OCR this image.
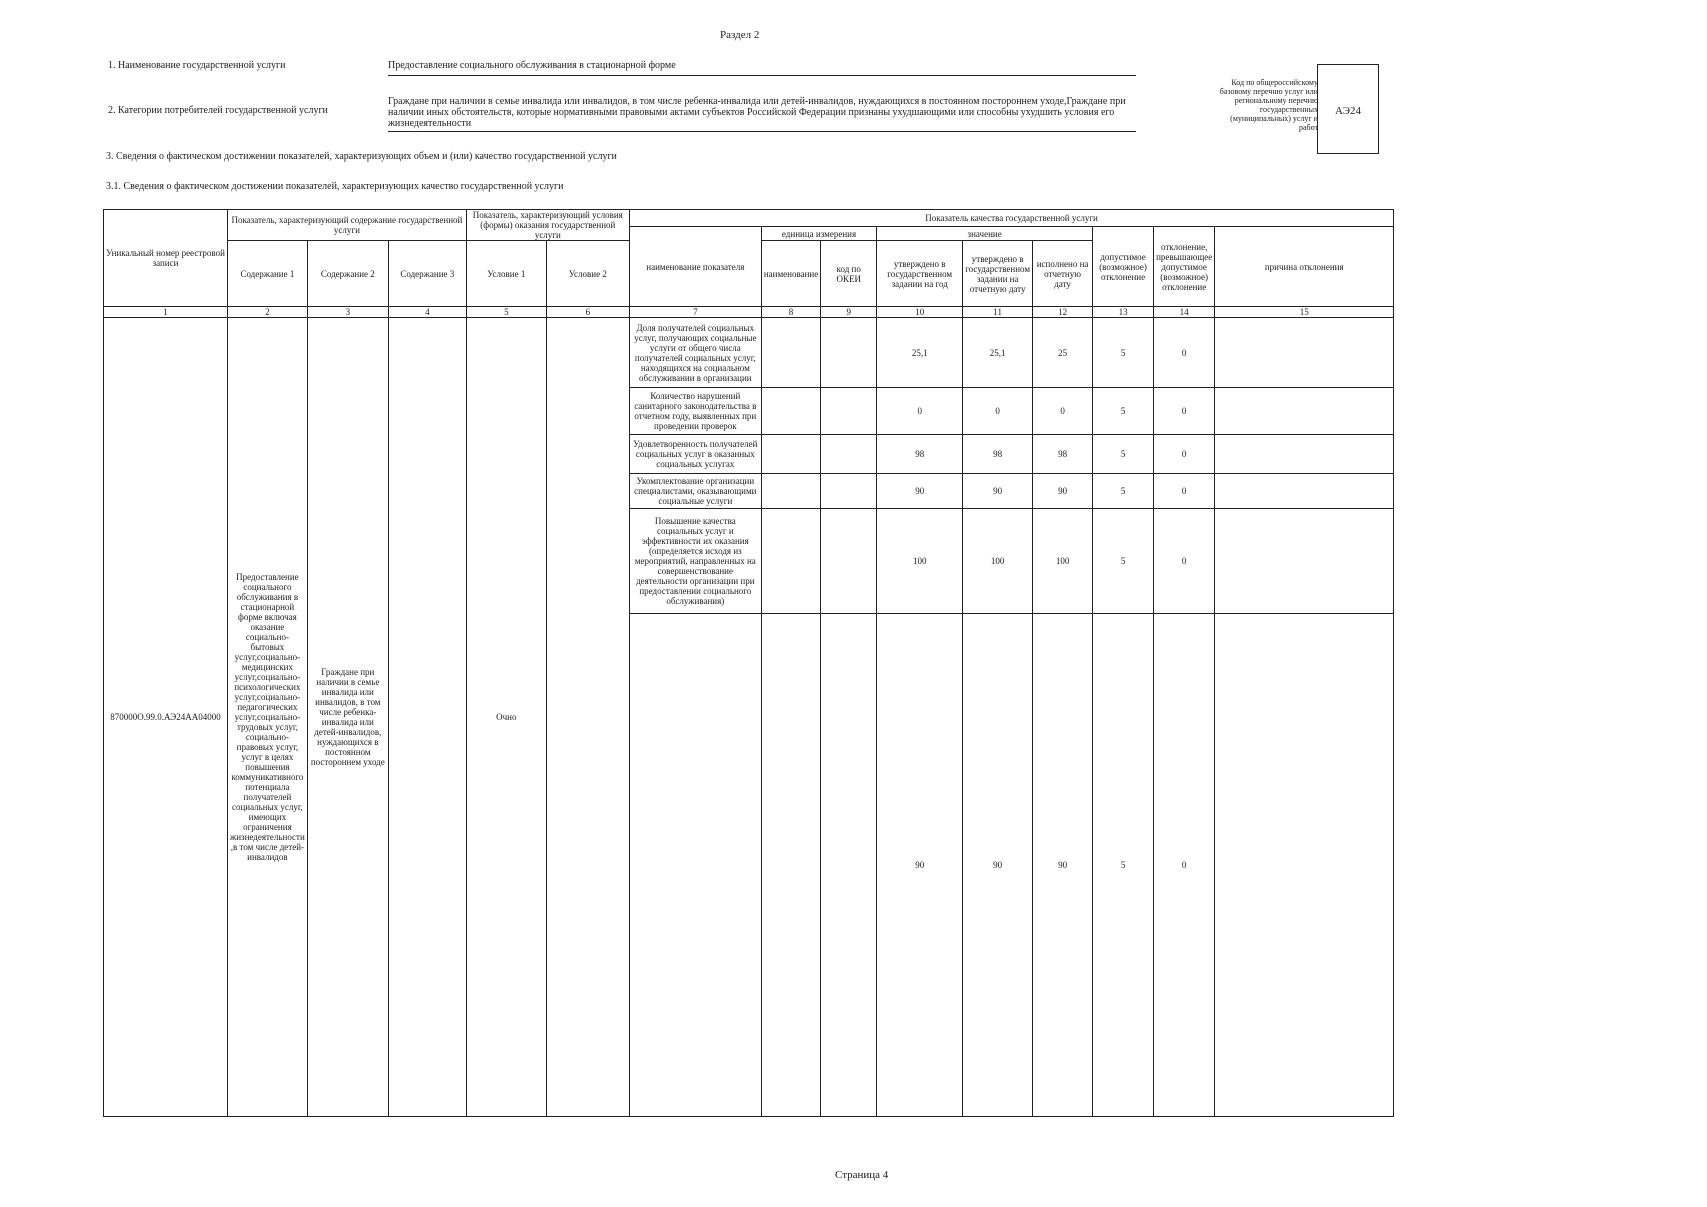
Раздел 2
1. Наименование государственной услуги	Предоставление социального обслуживания в стационарной форме
2. Категории потребителей государственной услуги
Граждане при наличии в семье инвалида или инвалидов, в том числе ребенка-инвалида или детей-инвалидов, нуждающихся в постоянном постороннем уходе,Граждане при наличии иных обстоятельств, которые нормативными правовыми актами субъектов Российской Федерации признаны ухудшающими или способны ухудшить условия его жизнедеятельности
Код по общероссийскому базовому перечню услуг или региональному перечню государственных (муниципальных) услуг и работ
АЭ24
3. Сведения о фактическом достижении показателей, характеризующих объем и (или) качество государственной услуги
3.1. Сведения о фактическом достижении показателей, характеризующих качество государственной услуги
Уникальный номер реестровой записи	Показатель, характеризующий содержание государственной услуги			Показатель, характеризующий условия (формы) оказания государственной услуги		Показатель качества государственной услуги								
						наименование показателя	единица измерения		значение			допустимое (возможное) отклонение	отклонение, превышающее допустимое (возможное) отклонение	причина отклонения
	Содержание 1	Содержание 2	Содержание 3	Условие 1	Условие 2		наименование	код по ОКЕИ	утверждено в государственном задании на год	утверждено в государственном задании на отчетную дату	исполнено на отчетную дату			
1	2	3	4	5	6	7	8	9	10	11	12	13	14	15
870000О.99.0.АЭ24АА04000	Предоставление социального обслуживания в стационарной форме включая оказание социально-бытовых услуг,социально-медицинских услуг,социально-психологических услуг,социально-педагогических услуг,социально-трудовых услуг, социально-правовых услуг, услуг в целях повышения коммуникативного потенциала получателей социальных услуг, имеющих ограничения жизнедеятельности ,в том числе детей-инвалидов	Граждане при наличии в семье инвалида или инвалидов, в том числе ребенка-инвалида или детей-инвалидов, нуждающихся в постоянном постороннем уходе		Очно		Доля получателей социальных услуг, получающих социальные услуги от общего числа получателей социальных услуг, находящихся на социальном обслуживании в организации			25,1	25,1	25	5	0	
						Количество нарушений санитарного законодательства в отчетном году, выявленных при проведении проверок			0	0	0	5	0	
						Удовлетворенность получателей социальных услуг в оказанных социальных услугах			98	98	98	5	0	
						Укомплектование организации специалистами, оказывающими социальные услуги			90	90	90	5	0	
						Повышение качества социальных услуг и эффективности их оказания (определяется исходя из мероприятий, направленных на совершенствование деятельности организации при предоставлении социального обслуживания)			100	100	100	5	0	
									90	90	90	5	0	
Страница 4
